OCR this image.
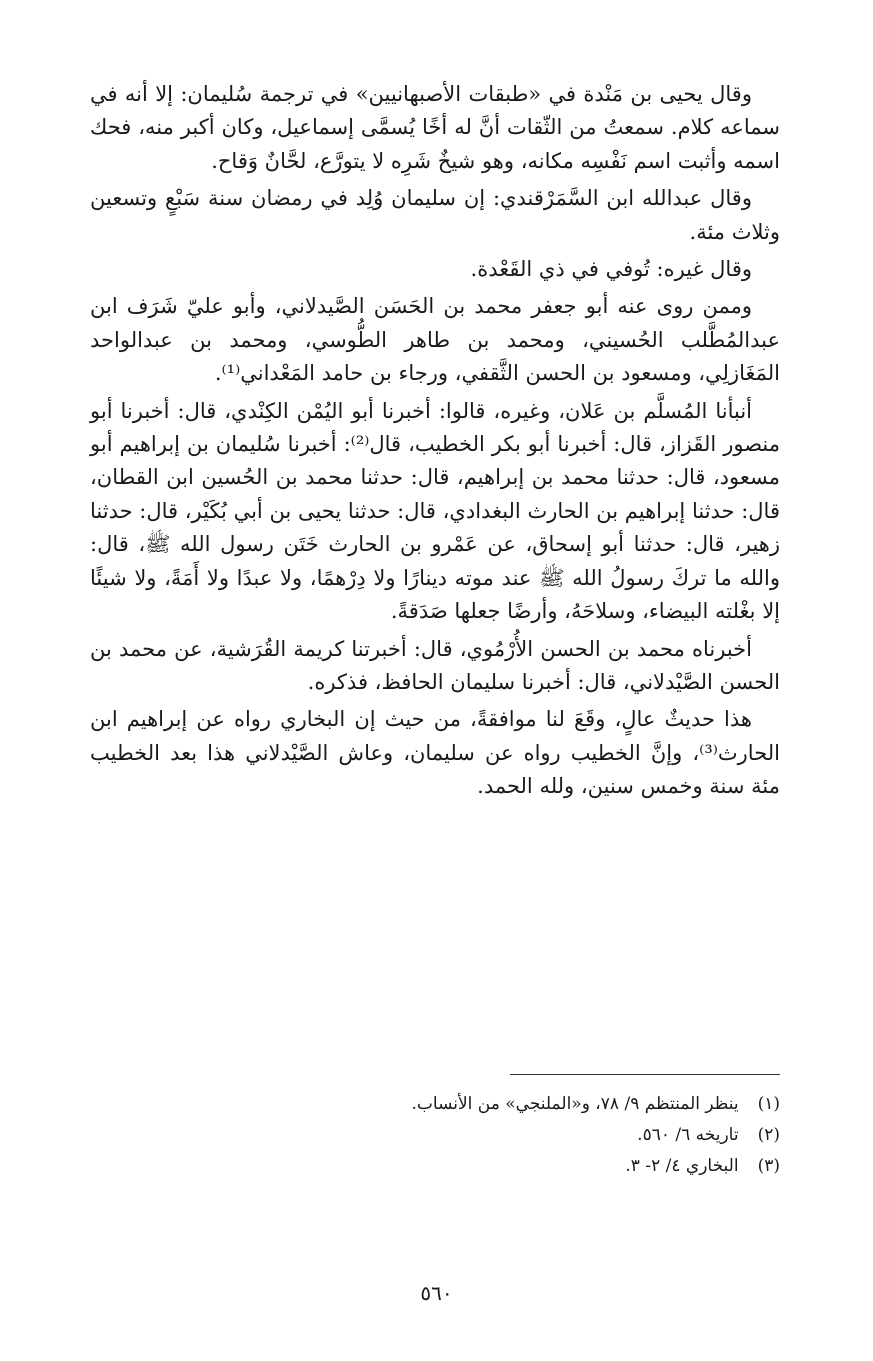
وقال يحيى بن مَنْدة في «طبقات الأصبهانيين» في ترجمة سُليمان: إلا أنه في سماعه كلام. سمعتُ من الثّقات أنَّ له أخًا يُسمَّى إسماعيل، وكان أكبر منه، فحك اسمه وأثبت اسم نَفْسِه مكانه، وهو شيخٌ شَرِه لا يتورَّع، لحَّانٌ وَقاح.

وقال عبدالله ابن السَّمَرْقندي: إن سليمان وُلِد في رمضان سنة سَبْعٍ وتسعين وثلاث مئة.

وقال غيره: تُوفي في ذي القَعْدة.

وممن روى عنه أبو جعفر محمد بن الحَسَن الصَّيدلاني، وأبو عليّ شَرَف ابن عبدالمُطَّلب الحُسيني، ومحمد بن طاهر الطُّوسي، ومحمد بن عبدالواحد المَغَازلِي، ومسعود بن الحسن الثَّقفي، ورجاء بن حامد المَعْداني⁽¹⁾.

أنبأنا المُسلَّم بن عَلان، وغيره، قالوا: أخبرنا أبو اليُمْن الكِنْدي، قال: أخبرنا أبو منصور القَزاز، قال: أخبرنا أبو بكر الخطيب، قال⁽²⁾: أخبرنا سُليمان بن إبراهيم أبو مسعود، قال: حدثنا محمد بن إبراهيم، قال: حدثنا محمد بن الحُسين ابن القطان، قال: حدثنا إبراهيم بن الحارث البغدادي، قال: حدثنا يحيى بن أبي بُكَيْر، قال: حدثنا زهير، قال: حدثنا أبو إسحاق، عن عَمْرو بن الحارث خَتَن رسول الله ﷺ، قال: والله ما تركَ رسولُ الله ﷺ عند موته دينارًا ولا دِرْهمًا، ولا عبدًا ولا أَمَةً، ولا شيئًا إلا بغْلته البيضاء، وسلاحَهُ، وأرضًا جعلها صَدَقةً.

أخبرناه محمد بن الحسن الأُرْمُوي، قال: أخبرتنا كريمة القُرَشية، عن محمد بن الحسن الصَّيْدلاني، قال: أخبرنا سليمان الحافظ، فذكره.

هذا حديثٌ عالٍ، وقَعَ لنا موافقةً، من حيث إن البخاري رواه عن إبراهيم ابن الحارث⁽³⁾، وإنَّ الخطيب رواه عن سليمان، وعاش الصَّيْدلاني هذا بعد الخطيب مئة سنة وخمس سنين، ولله الحمد.

(١) ينظر المنتظم ٩/ ٧٨، و«الملنجي» من الأنساب.

(٢) تاريخه ٦/ ٥٦٠.

(٣) البخاري ٤/ ٢- ٣.

٥٦٠
